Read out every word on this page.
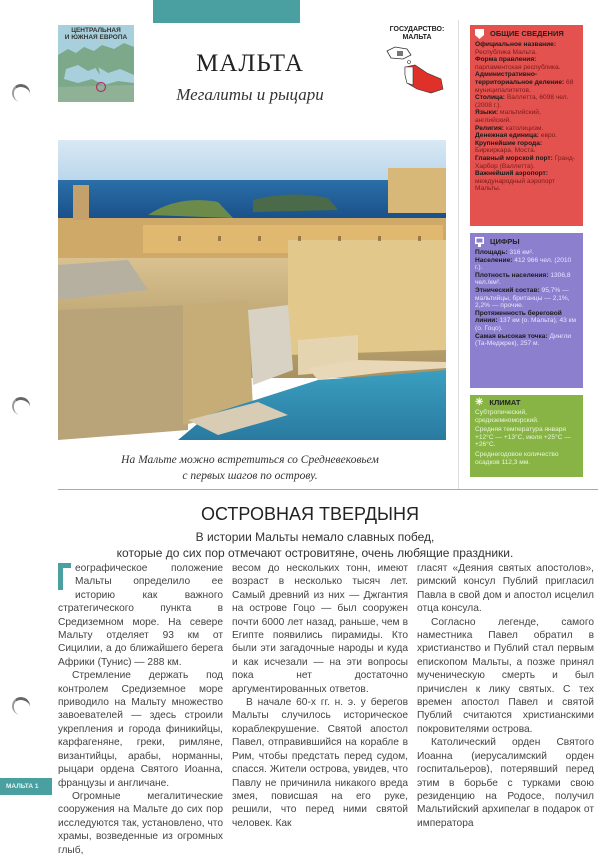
ЦЕНТРАЛЬНАЯ
И ЮЖНАЯ ЕВРОПА
МАЛЬТА
Мегалиты и рыцари
ГОСУДАРСТВО:
МАЛЬТА	ОБЩИЕ СВЕДЕНИЯ
Официальное название: Республика Мальта.
Форма правления: парламентская республика.
Административно-территориальное деление: 68 муниципалитетов.
Столица: Валлетта, 6098 чел. (2008 г.).
Языки: мальтийский, английский.
Религия: католицизм.
Денежная единица: евро.
Крупнейшие города: Биркиркара, Моста.
Главный морской порт: Гранд-Харбор (Валлетта).
Важнейший аэропорт: международный аэропорт Мальты.
ЦИФРЫ
Площадь: 316 км².
Население: 412 966 чел. (2010 г.).
Плотность населения: 1306,8 чел./км².
Этнический состав: 95,7% — мальтийцы, британцы — 2,1%, 2,2% — прочие.
Протяженность береговой линии: 137 км (о. Мальта), 43 км (о. Гоцо).
Самая высокая точка: Дингли (Та-Меджрек), 257 м.
✳ КЛИМАТ
Субтропический, средиземноморский.
Средняя температура января +12°С — +13°С, июля +25°С — +26°С.
Среднегодовое количество осадков 112,3 мм.
На Мальте можно встретиться со Средневековьем
с первых шагов по острову.
ОСТРОВНАЯ ТВЕРДЫНЯ
В истории Мальты немало славных побед,
которые до сих пор отмечают островитяне, очень любящие праздники.

еографическое положение Мальты определило ее историю как важного стратегического пункта в Средиземном море. На севере Мальту отделяет 93 км от Сицилии, а до ближайшего берега Африки (Тунис) — 288 км.

Стремление держать под контролем Средиземное море приводило на Мальту множество завоевателей — здесь строили укрепления и города финикийцы, карфагеняне, греки, римляне, византийцы, арабы, норманны, рыцари ордена Святого Иоанна, французы и англичане.

Огромные мегалитические сооружения на Мальте до сих пор исследуются так, установлено, что храмы, возведенные из огромных глыб,

весом до нескольких тонн, имеют возраст в несколько тысяч лет. Самый древний из них — Джгантия на острове Гоцо — был сооружен почти 6000 лет назад, раньше, чем в Египте появились пирамиды. Кто были эти загадочные народы и куда и как исчезали — на эти вопросы пока нет достаточно аргументированных ответов.

В начале 60-х гг. н. э. у берегов Мальты случилось историческое кораблекрушение. Святой апостол Павел, отправившийся на корабле в Рим, чтобы предстать перед судом, спасся. Жители острова, увидев, что Павлу не причинила никакого вреда змея, повисшая на его руке, решили, что перед ними святой человек. Как

гласят «Деяния святых апостолов», римский консул Публий пригласил Павла в свой дом и апостол исцелил отца консула.

Согласно легенде, самого наместника Павел обратил в христианство и Публий стал первым епископом Мальты, а позже принял мученическую смерть и был причислен к лику святых. С тех времен апостол Павел и святой Публий считаются христианскими покровителями острова.

Католический орден Святого Иоанна (иерусалимский орден госпитальеров), потерявший перед этим в борьбе с турками свою резиденцию на Родосе, получил Мальтийский архипелаг в подарок от императора

МАЛЬТА 1
